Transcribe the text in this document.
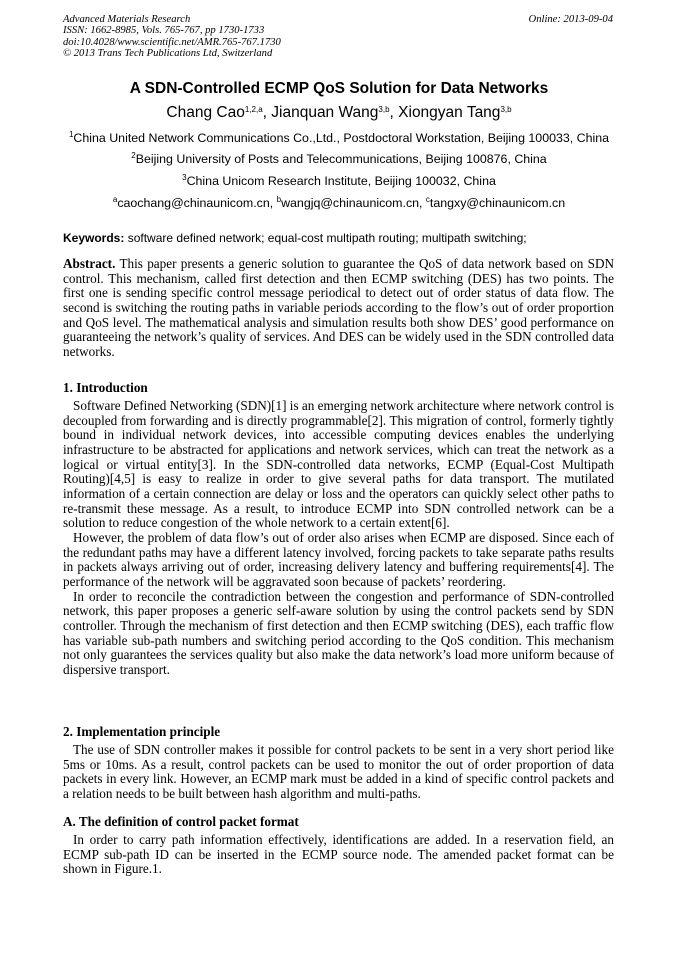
Advanced Materials Research
ISSN: 1662-8985, Vols. 765-767, pp 1730-1733
doi:10.4028/www.scientific.net/AMR.765-767.1730
© 2013 Trans Tech Publications Ltd, Switzerland
Online: 2013-09-04
A SDN-Controlled ECMP QoS Solution for Data Networks
Chang Cao$^{1,2,a}$, Jianquan Wang$^{3,b}$, Xiongyan Tang$^{3,b}$
$^1$China United Network Communications Co.,Ltd., Postdoctoral Workstation, Beijing 100033, China
$^2$Beijing University of Posts and Telecommunications, Beijing 100876, China
$^3$China Unicom Research Institute, Beijing 100032, China
$^a$caochang@chinaunicom.cn, $^b$wangjq@chinaunicom.cn, $^c$tangxy@chinaunicom.cn
Keywords: software defined network; equal-cost multipath routing; multipath switching;

Abstract. This paper presents a generic solution to guarantee the QoS of data network based on SDN control. This mechanism, called first detection and then ECMP switching (DES) has two points. The first one is sending specific control message periodical to detect out of order status of data flow. The second is switching the routing paths in variable periods according to the flow’s out of order proportion and QoS level. The mathematical analysis and simulation results both show DES’ good performance on guaranteeing the network’s quality of services. And DES can be widely used in the SDN controlled data networks.

1. Introduction

Software Defined Networking (SDN)[1] is an emerging network architecture where network control is decoupled from forwarding and is directly programmable[2]. This migration of control, formerly tightly bound in individual network devices, into accessible computing devices enables the underlying infrastructure to be abstracted for applications and network services, which can treat the network as a logical or virtual entity[3]. In the SDN-controlled data networks, ECMP (Equal-Cost Multipath Routing)[4,5] is easy to realize in order to give several paths for data transport. The mutilated information of a certain connection are delay or loss and the operators can quickly select other paths to re-transmit these message. As a result, to introduce ECMP into SDN controlled network can be a solution to reduce congestion of the whole network to a certain extent[6].

However, the problem of data flow’s out of order also arises when ECMP are disposed. Since each of the redundant paths may have a different latency involved, forcing packets to take separate paths results in packets always arriving out of order, increasing delivery latency and buffering requirements[4]. The performance of the network will be aggravated soon because of packets’ reordering.

In order to reconcile the contradiction between the congestion and performance of SDN-controlled network, this paper proposes a generic self-aware solution by using the control packets send by SDN controller. Through the mechanism of first detection and then ECMP switching (DES), each traffic flow has variable sub-path numbers and switching period according to the QoS condition. This mechanism not only guarantees the services quality but also make the data network’s load more uniform because of dispersive transport.

2. Implementation principle

The use of SDN controller makes it possible for control packets to be sent in a very short period like 5ms or 10ms. As a result, control packets can be used to monitor the out of order proportion of data packets in every link. However, an ECMP mark must be added in a kind of specific control packets and a relation needs to be built between hash algorithm and multi-paths.

A. The definition of control packet format

In order to carry path information effectively, identifications are added. In a reservation field, an ECMP sub-path ID can be inserted in the ECMP source node. The amended packet format can be shown in Figure.1.
